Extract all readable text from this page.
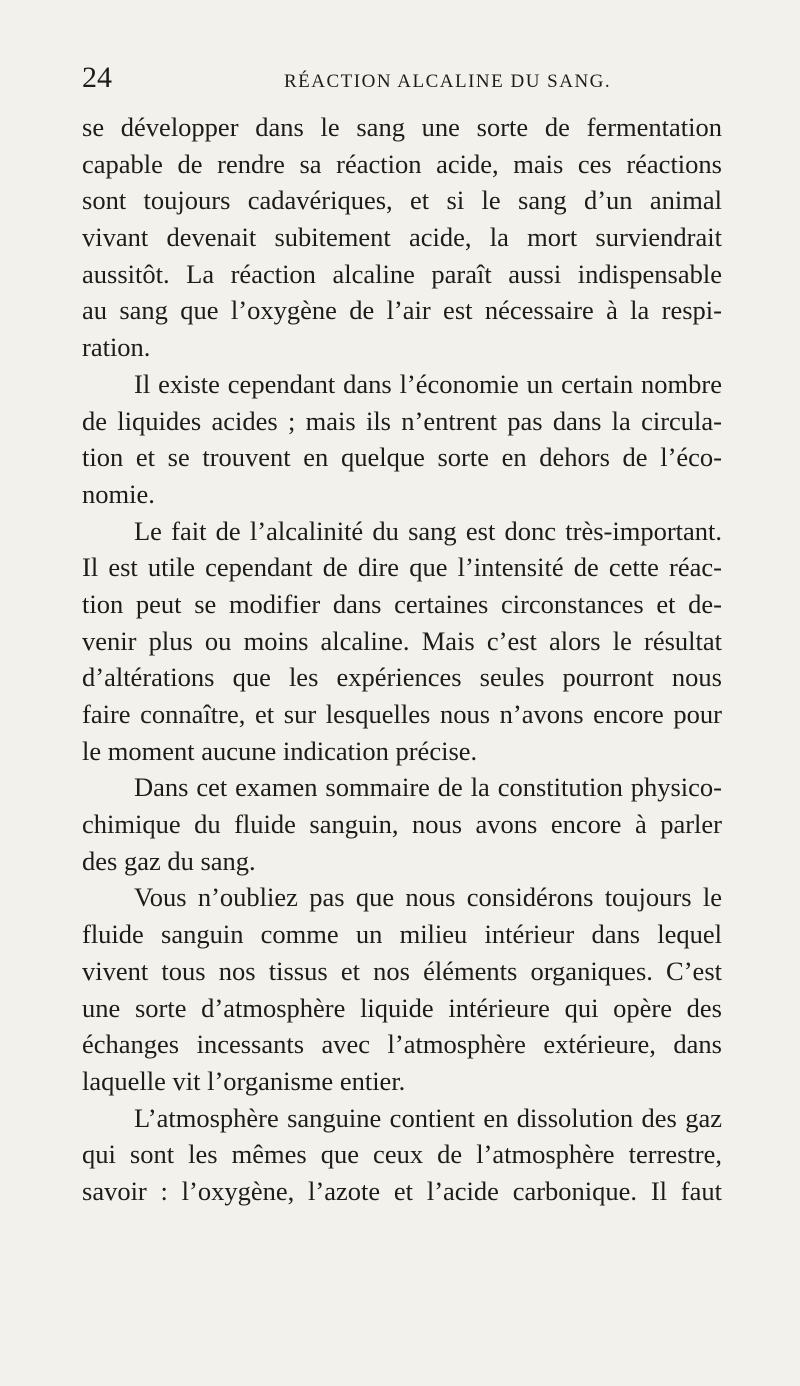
24	RÉACTION ALCALINE DU SANG.
se développer dans le sang une sorte de fermentation
capable de rendre sa réaction acide, mais ces réactions
sont toujours cadavériques, et si le sang d’un animal
vivant devenait subitement acide, la mort surviendrait
aussitôt. La réaction alcaline paraît aussi indispensable
au sang que l’oxygène de l’air est nécessaire à la respi-
ration.
Il existe cependant dans l’économie un certain nombre
de liquides acides ; mais ils n’entrent pas dans la circula-
tion et se trouvent en quelque sorte en dehors de l’éco-
nomie.
Le fait de l’alcalinité du sang est donc très-important.
Il est utile cependant de dire que l’intensité de cette réac-
tion peut se modifier dans certaines circonstances et de-
venir plus ou moins alcaline. Mais c’est alors le résultat
d’altérations que les expériences seules pourront nous
faire connaître, et sur lesquelles nous n’avons encore pour
le moment aucune indication précise.
Dans cet examen sommaire de la constitution physico-
chimique du fluide sanguin, nous avons encore à parler
des gaz du sang.
Vous n’oubliez pas que nous considérons toujours le
fluide sanguin comme un milieu intérieur dans lequel
vivent tous nos tissus et nos éléments organiques. C’est
une sorte d’atmosphère liquide intérieure qui opère des
échanges incessants avec l’atmosphère extérieure, dans
laquelle vit l’organisme entier.
L’atmosphère sanguine contient en dissolution des gaz
qui sont les mêmes que ceux de l’atmosphère terrestre,
savoir : l’oxygène, l’azote et l’acide carbonique. Il faut
